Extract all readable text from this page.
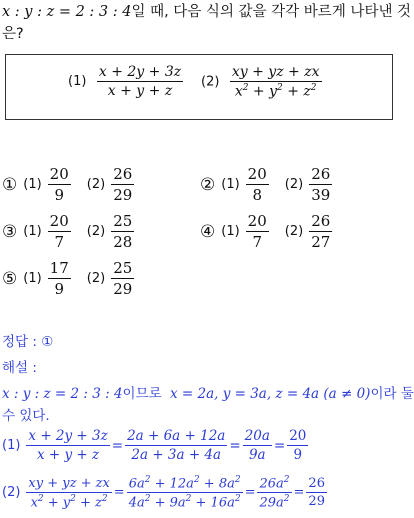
x : y : z = 2 : 3 : 4일 때, 다음 식의 값을 각각 바르게 나타낸 것
은?
$(1) \frac{x + 2y + 3z}{x + y + z} (2) \frac{xy + yz + zx}{x^2 + y^2 + z^2}$
① $(1) \frac{20}{9} (2) \frac{26}{29}$	② $(1) \frac{20}{8} (2) \frac{26}{39}$
③ $(1) \frac{20}{7} (2) \frac{25}{28}$	④ $(1) \frac{20}{7} (2) \frac{26}{27}$
⑤ $(1) \frac{17}{9} (2) \frac{25}{29}$
정답 : ①
해설 :
x : y : z = 2 : 3 : 4이므로 x = 2a, y = 3a, z = 4a (a ≠ 0)이라 둘
수 있다.
$(1) \frac{x + 2y + 3z}{x + y + z} = \frac{2a + 6a + 12a}{2a + 3a + 4a} = \frac{20a}{9a} = \frac{20}{9}$
$(2) \frac{xy + yz + zx}{x^2 + y^2 + z^2} = \frac{6a^2 + 12a^2 + 8a^2}{4a^2 + 9a^2 + 16a^2} = \frac{26a^2}{29a^2} = \frac{26}{29}$
